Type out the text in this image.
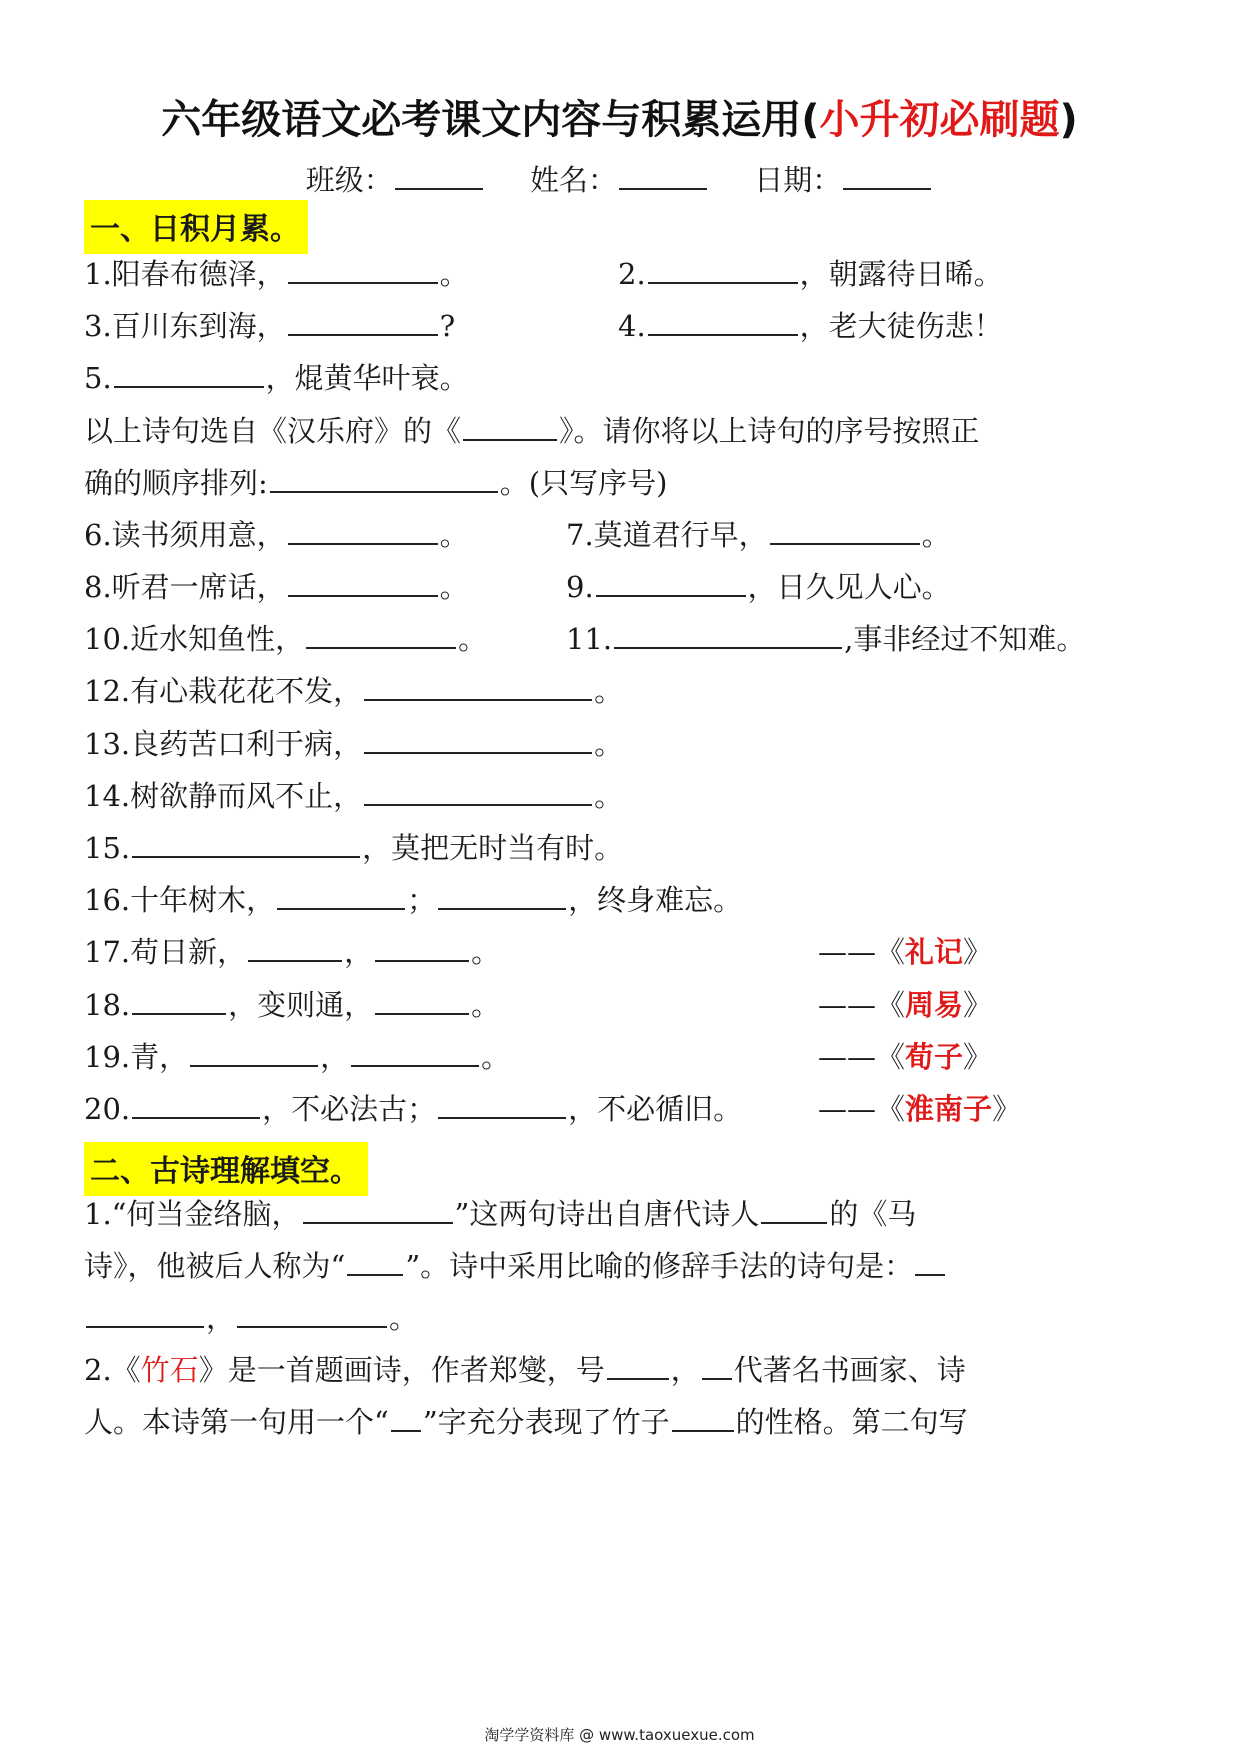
六年级语文必考课文内容与积累运用(小升初必刷题)
班级：	姓名：	日期：
一、日积月累。
1.阳春布德泽，	。	2.	，朝露待日晞。
3.百川东到海，	?	4.	，老大徒伤悲！
5.	，焜黄华叶衰。
以上诗句选自《汉乐府》的《	》。请你将以上诗句的序号按照正
确的顺序排列:	。(只写序号)
6.读书须用意，	。	7.莫道君行早，	。
8.听君一席话，	。	9.	，日久见人心。
10.近水知鱼性，	。	11.	,事非经过不知难。
12.有心栽花花不发，	。
13.良药苦口利于病，	。
14.树欲静而风不止，	。
15.	，莫把无时当有时。
16.十年树木，	；	，终身难忘。
17.苟日新，	，	。	——《礼记》
18.	，变则通，	。	——《周易》
19.青，	，	。	——《荀子》
20.	，不必法古；	，不必循旧。	——《淮南子》
二、古诗理解填空。
1.“何当金络脑，	”这两句诗出自唐代诗人 的《马
诗》，他被后人称为“ ”。诗中采用比喻的修辞手法的诗句是：
，	。
2.《竹石》是一首题画诗，作者郑燮，号 ， 代著名书画家、诗
人。本诗第一句用一个“ ”字充分表现了竹子 的性格。第二句写
淘学学资料库 @ www.taoxuexue.com
